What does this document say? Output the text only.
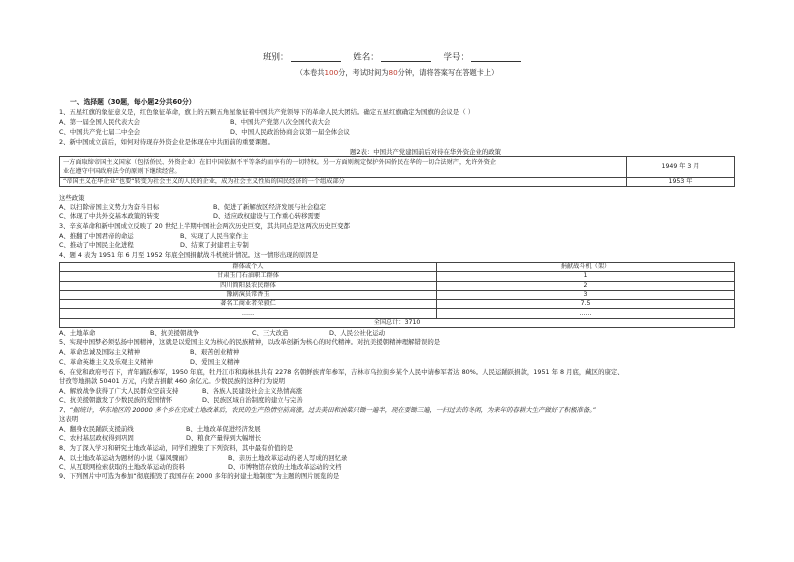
班别：	姓名：	学号：
（本卷共100分，考试时间为80分钟，请将答案写在答题卡上）
一、选择题（30题，每小题2分共60分）
1、五星红旗的象征意义是，红色象征革命，旗上的五颗五角星象征着中国共产党领导下的革命人民大团结。确定五星红旗确定为国旗的会议是（ ）
A、第一届全国人民代表大会	B、中国共产党第八次全国代表大会
C、中国共产党七届二中全会	D、中国人民政治协商会议第一届全体会议
2、新中国成立前后，如何对待现存外资企业是体现在中共面前的重要课题。
题2表：中国共产党建国前后对待在华外资企业的政策
一方面取缔帝国主义国家（包括侨民、外资企业）在旧中国依据不平等条约而享有的一切特权。另一方面则规定保护外国侨民在华的一切合法财产，允许外资企
业在遵守中国政府法令的原则下继续经营。	1949 年 3 月
“帝国主义在华企业”也要“转变为社会主义的人民的企业，成为社会主义性质的国民经济的一个组成部分	1953 年
这些政策
A、以扫除帝国主义势力为奋斗目标	B、促进了新解放区经济发展与社会稳定
C、体现了中共外交基本政策的转变	D、适应政权建设与工作重心转移需要
3、辛亥革命和新中国成立反映了 20 世纪上半期中国社会两次历史巨变，其共同点是这两次历史巨变都
A、推翻了中国君帝的命运	B、实现了人民当家作主
C、推动了中国民主化进程	D、结束了封建君主专制
4、题 4 表为 1951 年 6 月至 1952 年底全国捐献战斗机统计情况。这一情形出现的原因是
群体或个人	捐献战斗机（架）
甘肃玉门石油职工群体	1
四川简阳县农民群体	2
豫剧演员常香玉	3
著名工商业者荣毅仁	7.5
……	……
全国总计：3710	
A、土地革命	B、抗美援朝战争	C、三大改造	D、人民公社化运动
5、实现中国梦必须弘扬中国精神，这就是以爱国主义为核心的民族精神，以改革创新为核心的时代精神。对抗美援朝精神理解错误的是
A、革命忠诚及国际主义精神	B、艰苦创业精神
C、革命英雄主义及乐观主义精神	D、爱国主义精神
6、在党和政府号召下，青年踊跃参军，1950 年底，牡丹江市和海林县共有 2278 名朝鲜族青年参军，吉林市乌拉街乡某个人民中请参军者达 80%。人民运踊跃捐款，1951 年 8 月底，藏区的康定、
甘孜等地捐款 50401 万元，内蒙古捐献 460 余亿元。少数民族的这种行为说明
A、解放战争获得了广大人民群众空前支持	B、各族人民建设社会主义热情高涨
C、抗美援朝激发了少数民族的爱国情怀	D、民族区域自治制度的建立与完善
7、“据统计，华东地区的 20000 多个乡在完成土地改革后，农民的生产热情空前高涨。过去美田和油菜只锄一遍半，现在要锄三遍，一扫过去的冬闲，为来年的春耕大生产做好了积极准备。”
这表明
A、翻身农民踊跃支援前线	B、土地改革促进经济发展
C、农村基层政权得到巩固	D、粮食产量得到大幅增长
8、为了深入学习和研究土地改革运动，同学们搜集了下列资料，其中最有价值的是
A、以土地改革运动为题材的小说《暴风骤雨》	B、亲历土地改革运动的老人写成的回忆录
C、从互联网检索获取的土地改革运动的资料	D、市博物馆存放的土地改革运动的文档
9、下列图片中可选为参加“彻底摧毁了我国存在 2000 多年的封建土地制度”为主题的图片展览的是
